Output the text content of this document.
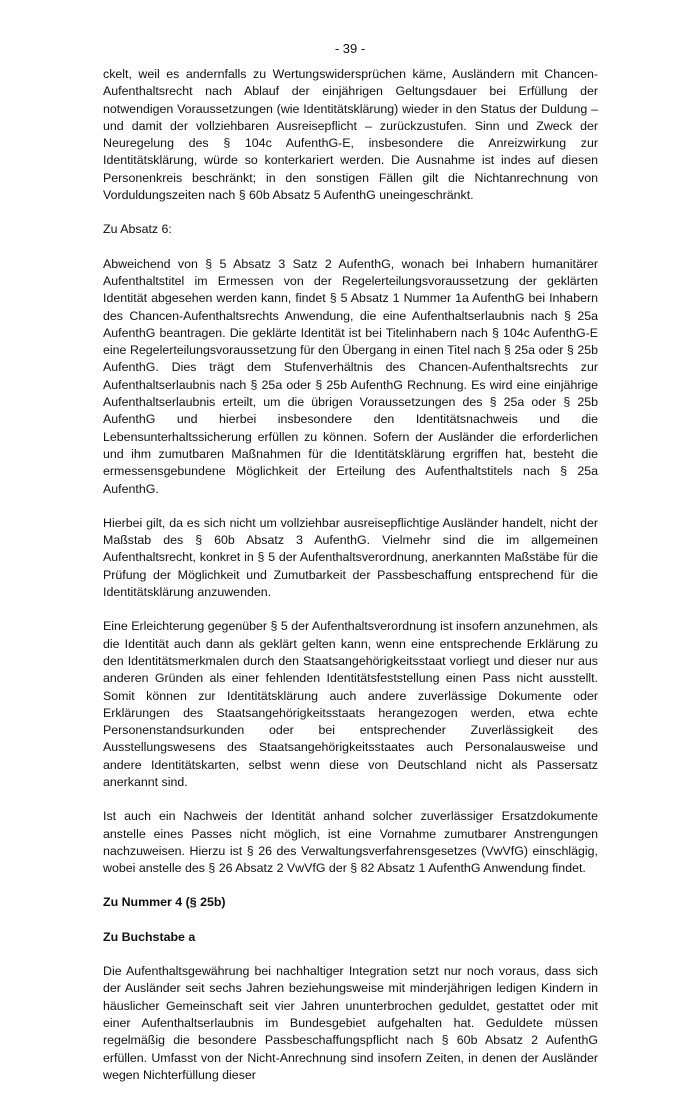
- 39 -

ckelt, weil es andernfalls zu Wertungswidersprüchen käme, Ausländern mit Chancen-Aufenthaltsrecht nach Ablauf der einjährigen Geltungsdauer bei Erfüllung der notwendigen Voraussetzungen (wie Identitätsklärung) wieder in den Status der Duldung – und damit der vollziehbaren Ausreisepflicht – zurückzustufen. Sinn und Zweck der Neuregelung des § 104c AufenthG-E, insbesondere die Anreizwirkung zur Identitätsklärung, würde so konterkariert werden. Die Ausnahme ist indes auf diesen Personenkreis beschränkt; in den sonstigen Fällen gilt die Nichtanrechnung von Vorduldungszeiten nach § 60b Absatz 5 AufenthG uneingeschränkt.

Zu Absatz 6:

Abweichend von § 5 Absatz 3 Satz 2 AufenthG, wonach bei Inhabern humanitärer Aufenthaltstitel im Ermessen von der Regelerteilungsvoraussetzung der geklärten Identität abgesehen werden kann, findet § 5 Absatz 1 Nummer 1a AufenthG bei Inhabern des Chancen-Aufenthaltsrechts Anwendung, die eine Aufenthaltserlaubnis nach § 25a AufenthG beantragen. Die geklärte Identität ist bei Titelinhabern nach § 104c AufenthG-E eine Regelerteilungsvoraussetzung für den Übergang in einen Titel nach § 25a oder § 25b AufenthG. Dies trägt dem Stufenverhältnis des Chancen-Aufenthaltsrechts zur Aufenthaltserlaubnis nach § 25a oder § 25b AufenthG Rechnung. Es wird eine einjährige Aufenthaltserlaubnis erteilt, um die übrigen Voraussetzungen des § 25a oder § 25b AufenthG und hierbei insbesondere den Identitätsnachweis und die Lebensunterhaltssicherung erfüllen zu können. Sofern der Ausländer die erforderlichen und ihm zumutbaren Maßnahmen für die Identitätsklärung ergriffen hat, besteht die ermessensgebundene Möglichkeit der Erteilung des Aufenthaltstitels nach § 25a AufenthG.

Hierbei gilt, da es sich nicht um vollziehbar ausreisepflichtige Ausländer handelt, nicht der Maßstab des § 60b Absatz 3 AufenthG. Vielmehr sind die im allgemeinen Aufenthaltsrecht, konkret in § 5 der Aufenthaltsverordnung, anerkannten Maßstäbe für die Prüfung der Möglichkeit und Zumutbarkeit der Passbeschaffung entsprechend für die Identitätsklärung anzuwenden.

Eine Erleichterung gegenüber § 5 der Aufenthaltsverordnung ist insofern anzunehmen, als die Identität auch dann als geklärt gelten kann, wenn eine entsprechende Erklärung zu den Identitätsmerkmalen durch den Staatsangehörigkeitsstaat vorliegt und dieser nur aus anderen Gründen als einer fehlenden Identitätsfeststellung einen Pass nicht ausstellt. Somit können zur Identitätsklärung auch andere zuverlässige Dokumente oder Erklärungen des Staatsangehörigkeitsstaats herangezogen werden, etwa echte Personenstandsurkunden oder bei entsprechender Zuverlässigkeit des Ausstellungswesens des Staatsangehörigkeitsstaates auch Personalausweise und andere Identitätskarten, selbst wenn diese von Deutschland nicht als Passersatz anerkannt sind.

Ist auch ein Nachweis der Identität anhand solcher zuverlässiger Ersatzdokumente anstelle eines Passes nicht möglich, ist eine Vornahme zumutbarer Anstrengungen nachzuweisen. Hierzu ist § 26 des Verwaltungsverfahrensgesetzes (VwVfG) einschlägig, wobei anstelle des § 26 Absatz 2 VwVfG der § 82 Absatz 1 AufenthG Anwendung findet.

Zu Nummer 4 (§ 25b)

Zu Buchstabe a

Die Aufenthaltsgewährung bei nachhaltiger Integration setzt nur noch voraus, dass sich der Ausländer seit sechs Jahren beziehungsweise mit minderjährigen ledigen Kindern in häuslicher Gemeinschaft seit vier Jahren ununterbrochen geduldet, gestattet oder mit einer Aufenthaltserlaubnis im Bundesgebiet aufgehalten hat. Geduldete müssen regelmäßig die besondere Passbeschaffungspflicht nach § 60b Absatz 2 AufenthG erfüllen. Umfasst von der Nicht-Anrechnung sind insofern Zeiten, in denen der Ausländer wegen Nichterfüllung dieser
